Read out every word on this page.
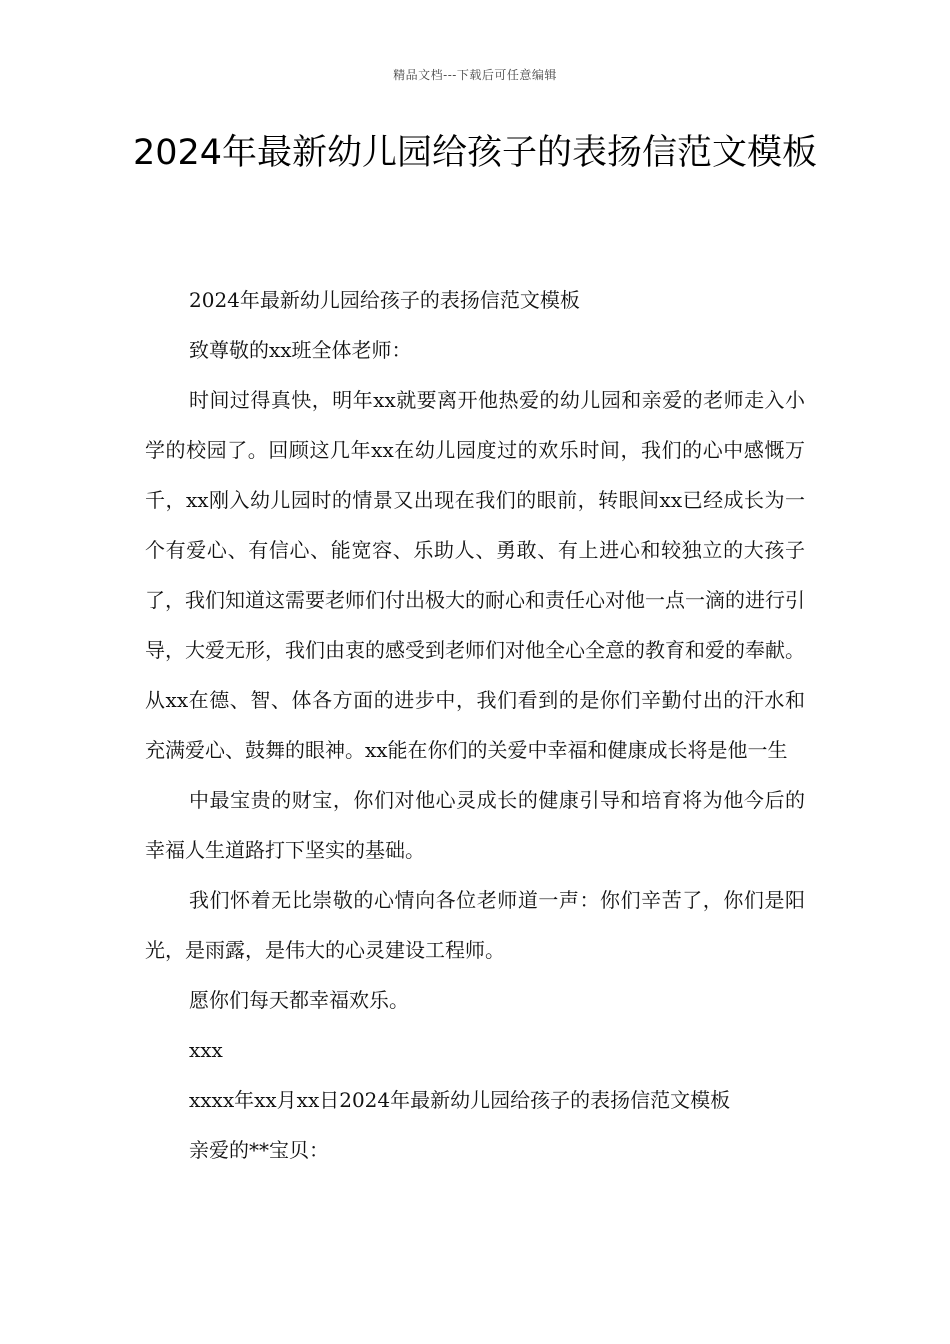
精品文档---下载后可任意编辑
2024年最新幼儿园给孩子的表扬信范文模板

2024年最新幼儿园给孩子的表扬信范文模板

致尊敬的xx班全体老师：

时间过得真快，明年xx就要离开他热爱的幼儿园和亲爱的老师走入小学的校园了。回顾这几年xx在幼儿园度过的欢乐时间，我们的心中感慨万千，xx刚入幼儿园时的情景又出现在我们的眼前，转眼间xx已经成长为一个有爱心、有信心、能宽容、乐助人、勇敢、有上进心和较独立的大孩子了，我们知道这需要老师们付出极大的耐心和责任心对他一点一滴的进行引导，大爱无形，我们由衷的感受到老师们对他全心全意的教育和爱的奉献。从xx在德、智、体各方面的进步中，我们看到的是你们辛勤付出的汗水和充满爱心、鼓舞的眼神。xx能在你们的关爱中幸福和健康成长将是他一生

中最宝贵的财宝，你们对他心灵成长的健康引导和培育将为他今后的幸福人生道路打下坚实的基础。

我们怀着无比崇敬的心情向各位老师道一声：你们辛苦了，你们是阳光，是雨露，是伟大的心灵建设工程师。

愿你们每天都幸福欢乐。

xxx

xxxx年xx月xx日2024年最新幼儿园给孩子的表扬信范文模板

亲爱的**宝贝：
